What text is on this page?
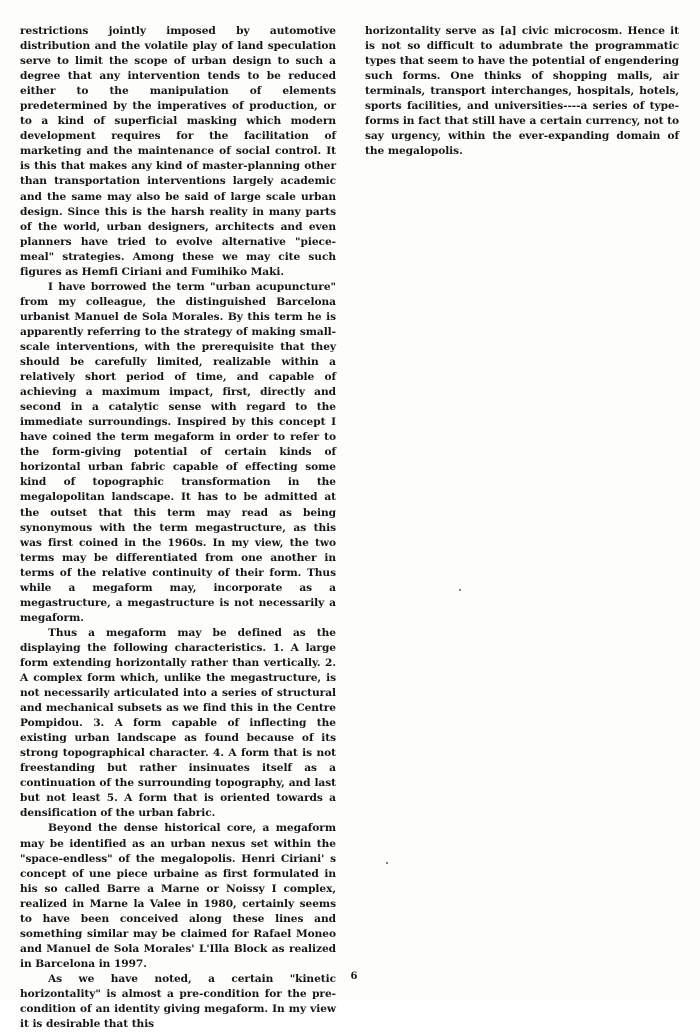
restrictions jointly imposed by automotive distribution and the volatile play of land speculation serve to limit the scope of urban design to such a degree that any intervention tends to be reduced either to the manipulation of elements predetermined by the imperatives of production, or to a kind of superficial masking which modern development requires for the facilitation of marketing and the maintenance of social control. It is this that makes any kind of master-planning other than transportation interventions largely academic and the same may also be said of large scale urban design. Since this is the harsh reality in many parts of the world, urban designers, architects and even planners have tried to evolve alternative "piece-meal" strategies. Among these we may cite such figures as Hemfi Ciriani and Fumihiko Maki.

I have borrowed the term "urban acupuncture" from my colleague, the distinguished Barcelona urbanist Manuel de Sola Morales. By this term he is apparently referring to the strategy of making small-scale interventions, with the prerequisite that they should be carefully limited, realizable within a relatively short period of time, and capable of achieving a maximum impact, first, directly and second in a catalytic sense with regard to the immediate surroundings. Inspired by this concept I have coined the term megaform in order to refer to the form-giving potential of certain kinds of horizontal urban fabric capable of effecting some kind of topographic transformation in the megalopolitan landscape. It has to be admitted at the outset that this term may read as being synonymous with the term megastructure, as this was first coined in the 1960s. In my view, the two terms may be differentiated from one another in terms of the relative continuity of their form. Thus while a megaform may, incorporate as a megastructure, a megastructure is not necessarily a megaform.

Thus a megaform may be defined as the displaying the following characteristics. 1. A large form extending horizontally rather than vertically. 2. A complex form which, unlike the megastructure, is not necessarily articulated into a series of structural and mechanical subsets as we find this in the Centre Pompidou. 3. A form capable of inflecting the existing urban landscape as found because of its strong topographical character. 4. A form that is not freestanding but rather insinuates itself as a continuation of the surrounding topography, and last but not least 5. A form that is oriented towards a densification of the urban fabric.

Beyond the dense historical core, a megaform may be identified as an urban nexus set within the "space-endless" of the megalopolis. Henri Ciriani' s concept of une piece urbaine as first formulated in his so called Barre a Marne or Noissy I complex, realized in Marne la Valee in 1980, certainly seems to have been conceived along these lines and something similar may be claimed for Rafael Moneo and Manuel de Sola Morales' L'Illa Block as realized in Barcelona in 1997.

As we have noted, a certain "kinetic horizontality" is almost a pre-condition for the pre-condition of an identity giving megaform. In my view it is desirable that this

horizontality serve as [a] civic microcosm. Hence it is not so difficult to adumbrate the programmatic types that seem to have the potential of engendering such forms. One thinks of shopping malls, air terminals, transport interchanges, hospitals, hotels, sports facilities, and universities----a series of type-forms in fact that still have a certain currency, not to say urgency, within the ever-expanding domain of the megalopolis.

6
